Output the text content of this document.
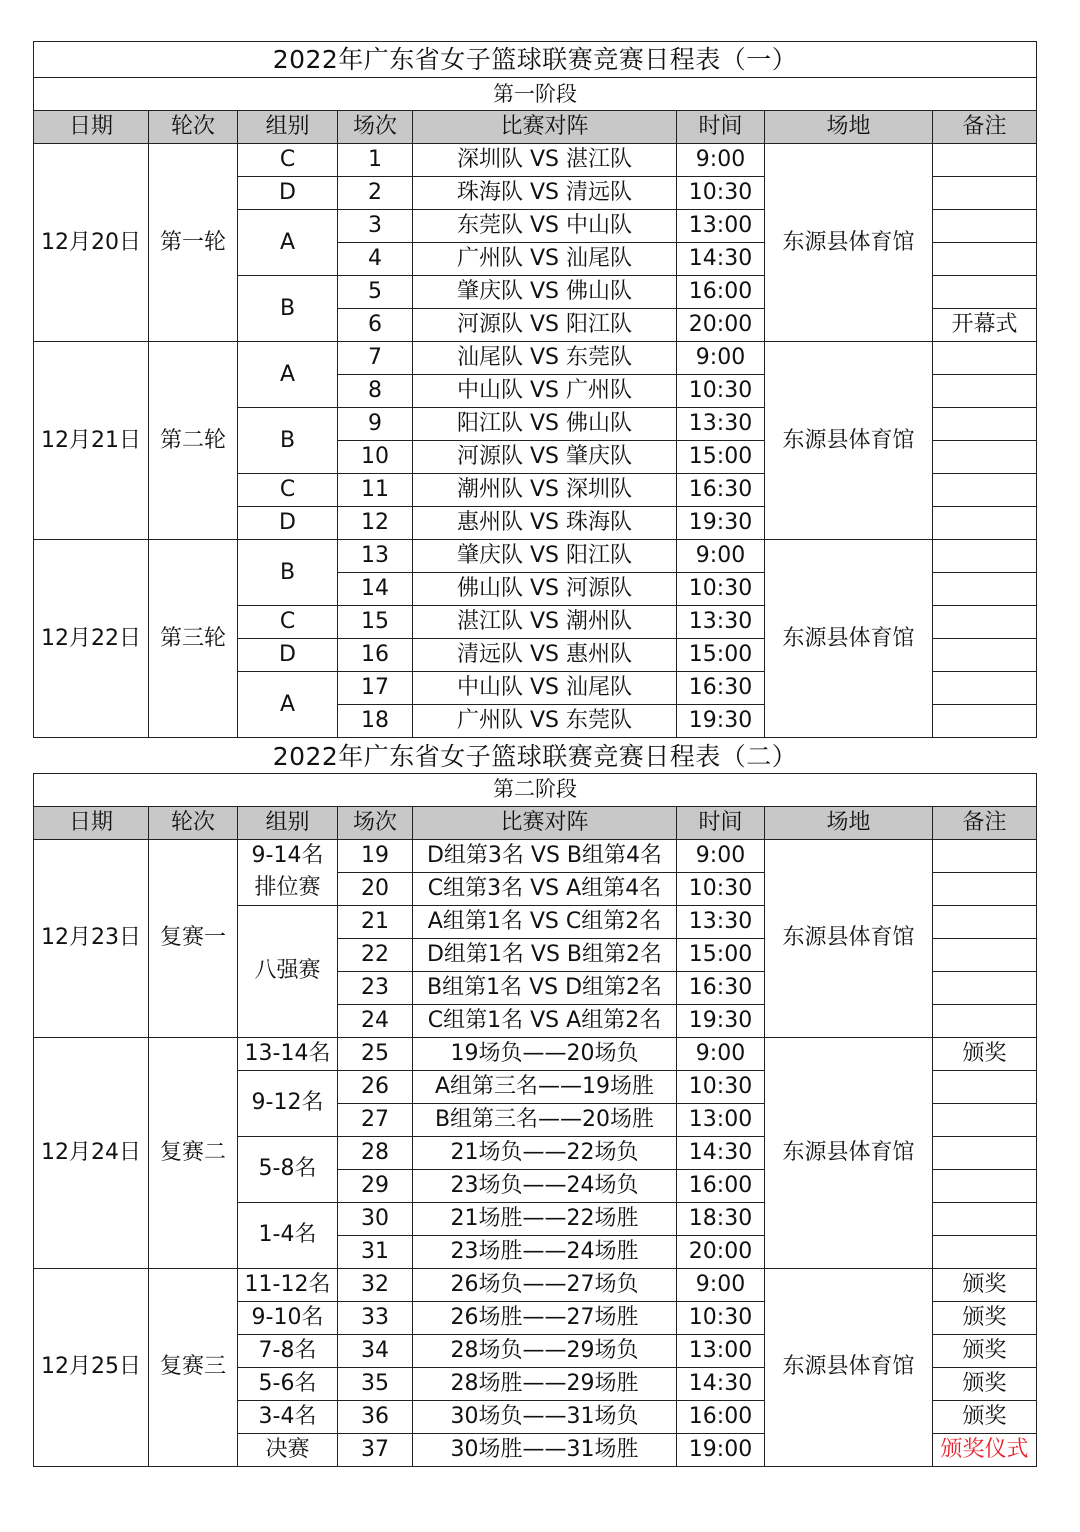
2022年广东省女子篮球联赛竞赛日程表（一）							
第一阶段							
日期	轮次	组别	场次	比赛对阵	时间	场地	备注
12月20日	第一轮	C	1	深圳队 VS 湛江队	9:00	东源县体育馆	
		D	2	珠海队 VS 清远队	10:30		
		A	3	东莞队 VS 中山队	13:00		
			4	广州队 VS 汕尾队	14:30		
		B	5	肇庆队 VS 佛山队	16:00		
			6	河源队 VS 阳江队	20:00		开幕式
12月21日	第二轮	A	7	汕尾队 VS 东莞队	9:00	东源县体育馆	
			8	中山队 VS 广州队	10:30		
		B	9	阳江队 VS 佛山队	13:30		
			10	河源队 VS 肇庆队	15:00		
		C	11	潮州队 VS 深圳队	16:30		
		D	12	惠州队 VS 珠海队	19:30		
12月22日	第三轮	B	13	肇庆队 VS 阳江队	9:00	东源县体育馆	
			14	佛山队 VS 河源队	10:30		
		C	15	湛江队 VS 潮州队	13:30		
		D	16	清远队 VS 惠州队	15:00		
		A	17	中山队 VS 汕尾队	16:30		
			18	广州队 VS 东莞队	19:30		
2022年广东省女子篮球联赛竞赛日程表（二）							
第二阶段							
日期	轮次	组别	场次	比赛对阵	时间	场地	备注
12月23日	复赛一	9-14名	19	D组第3名 VS B组第4名	9:00	东源县体育馆	
		排位赛	20	C组第3名 VS A组第4名	10:30		
		八强赛	21	A组第1名 VS C组第2名	13:30		
			22	D组第1名 VS B组第2名	15:00		
			23	B组第1名 VS D组第2名	16:30		
			24	C组第1名 VS A组第2名	19:30		
12月24日	复赛二	13-14名	25	19场负——20场负	9:00	东源县体育馆	颁奖
		9-12名	26	A组第三名——19场胜	10:30		
			27	B组第三名——20场胜	13:00		
		5-8名	28	21场负——22场负	14:30		
			29	23场负——24场负	16:00		
		1-4名	30	21场胜——22场胜	18:30		
			31	23场胜——24场胜	20:00		
12月25日	复赛三	11-12名	32	26场负——27场负	9:00	东源县体育馆	颁奖
		9-10名	33	26场胜——27场胜	10:30		颁奖
		7-8名	34	28场负——29场负	13:00		颁奖
		5-6名	35	28场胜——29场胜	14:30		颁奖
		3-4名	36	30场负——31场负	16:00		颁奖
		决赛	37	30场胜——31场胜	19:00		颁奖仪式
